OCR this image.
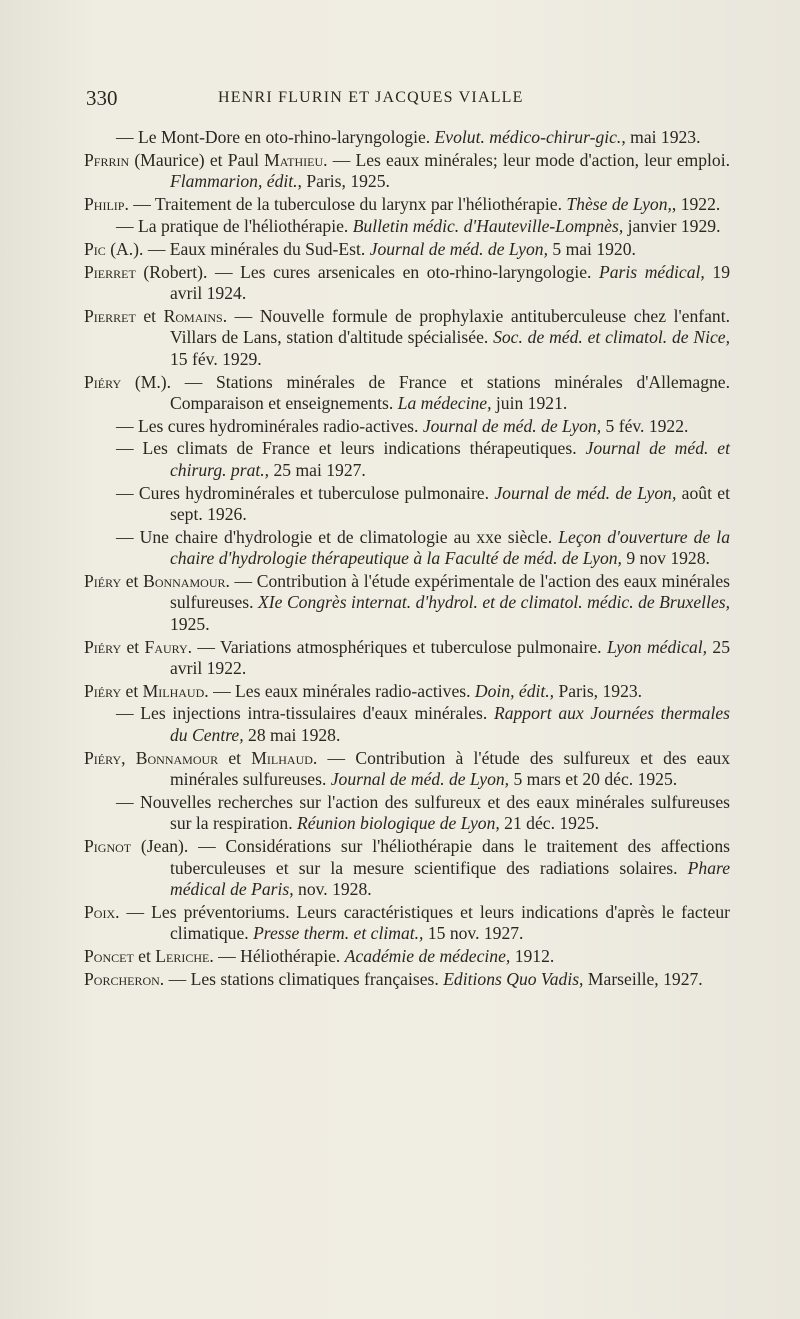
330	HENRI FLURIN ET JACQUES VIALLE

— Le Mont-Dore en oto-rhino-laryngologie. Evolut. médico-chirur-gic., mai 1923.

Pfrrin (Maurice) et Paul Mathieu. — Les eaux minérales; leur mode d'action, leur emploi. Flammarion, édit., Paris, 1925.

Philip. — Traitement de la tuberculose du larynx par l'héliothérapie. Thèse de Lyon,, 1922.

— La pratique de l'héliothérapie. Bulletin médic. d'Hauteville-Lompnès, janvier 1929.

Pic (A.). — Eaux minérales du Sud-Est. Journal de méd. de Lyon, 5 mai 1920.

Pierret (Robert). — Les cures arsenicales en oto-rhino-laryngologie. Paris médical, 19 avril 1924.

Pierret et Romains. — Nouvelle formule de prophylaxie antituberculeuse chez l'enfant. Villars de Lans, station d'altitude spécialisée. Soc. de méd. et climatol. de Nice, 15 fév. 1929.

Piéry (M.). — Stations minérales de France et stations minérales d'Allemagne. Comparaison et enseignements. La médecine, juin 1921.

— Les cures hydrominérales radio-actives. Journal de méd. de Lyon, 5 fév. 1922.

— Les climats de France et leurs indications thérapeutiques. Journal de méd. et chirurg. prat., 25 mai 1927.

— Cures hydrominérales et tuberculose pulmonaire. Journal de méd. de Lyon, août et sept. 1926.

— Une chaire d'hydrologie et de climatologie au xxe siècle. Leçon d'ouverture de la chaire d'hydrologie thérapeutique à la Faculté de méd. de Lyon, 9 nov 1928.

Piéry et Bonnamour. — Contribution à l'étude expérimentale de l'action des eaux minérales sulfureuses. XIe Congrès internat. d'hydrol. et de climatol. médic. de Bruxelles, 1925.

Piéry et Faury. — Variations atmosphériques et tuberculose pulmonaire. Lyon médical, 25 avril 1922.

Piéry et Milhaud. — Les eaux minérales radio-actives. Doin, édit., Paris, 1923.

— Les injections intra-tissulaires d'eaux minérales. Rapport aux Journées thermales du Centre, 28 mai 1928.

Piéry, Bonnamour et Milhaud. — Contribution à l'étude des sulfureux et des eaux minérales sulfureuses. Journal de méd. de Lyon, 5 mars et 20 déc. 1925.

— Nouvelles recherches sur l'action des sulfureux et des eaux minérales sulfureuses sur la respiration. Réunion biologique de Lyon, 21 déc. 1925.

Pignot (Jean). — Considérations sur l'héliothérapie dans le traitement des affections tuberculeuses et sur la mesure scientifique des radiations solaires. Phare médical de Paris, nov. 1928.

Poix. — Les préventoriums. Leurs caractéristiques et leurs indications d'après le facteur climatique. Presse therm. et climat., 15 nov. 1927.

Poncet et Leriche. — Héliothérapie. Académie de médecine, 1912.

Porcheron. — Les stations climatiques françaises. Editions Quo Vadis, Marseille, 1927.
